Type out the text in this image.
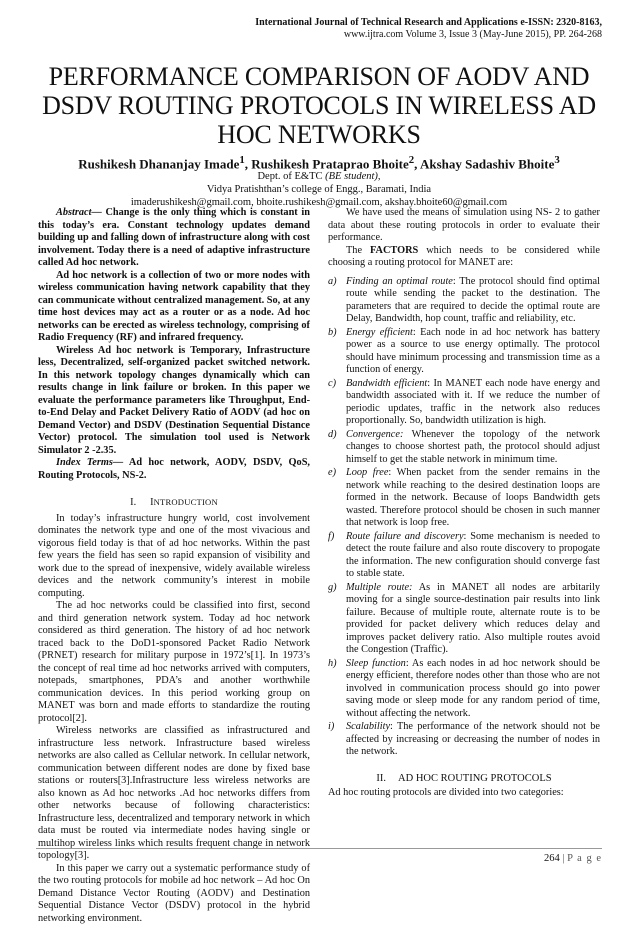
International Journal of Technical Research and Applications e-ISSN: 2320-8163,
www.ijtra.com Volume 3, Issue 3 (May-June 2015), PP. 264-268
PERFORMANCE COMPARISON OF AODV AND DSDV ROUTING PROTOCOLS IN WIRELESS AD HOC NETWORKS
Rushikesh Dhananjay Imade$^1$, Rushikesh Prataprao Bhoite$^2$, Akshay Sadashiv Bhoite$^3$
Dept. of E&TC (BE student),
Vidya Pratishthan’s college of Engg., Baramati, India
imaderushikesh@gmail.com, bhoite.rushikesh@gmail.com, akshay.bhoite60@gmail.com

Abstract— Change is the only thing which is constant in this today’s era. Constant technology updates demand building up and falling down of infrastructure along with cost involvement. Today there is a need of adaptive infrastructure called Ad hoc network.

Ad hoc network is a collection of two or more nodes with wireless communication having network capability that they can communicate without centralized management. So, at any time host devices may act as a router or as a node. Ad hoc networks can be erected as wireless technology, comprising of Radio Frequency (RF) and infrared frequency.

Wireless Ad hoc network is Temporary, Infrastructure less, Decentralized, self-organized packet switched network. In this network topology changes dynamically which can results change in link failure or broken. In this paper we evaluate the performance parameters like Throughput, End-to-End Delay and Packet Delivery Ratio of AODV (ad hoc on Demand Vector) and DSDV (Destination Sequential Distance Vector) protocol. The simulation tool used is Network Simulator 2 -2.35.

Index Terms— Ad hoc network, AODV, DSDV, QoS, Routing Protocols, NS-2.

I. INTRODUCTION

In today’s infrastructure hungry world, cost involvement dominates the network type and one of the most vivacious and vigorous field today is that of ad hoc networks. Within the past few years the field has seen so rapid expansion of visibility and work due to the spread of inexpensive, widely available wireless devices and the network community’s interest in mobile computing.

The ad hoc networks could be classified into first, second and third generation network system. Today ad hoc network considered as third generation. The history of ad hoc network traced back to the DoD1-sponsored Packet Radio Network (PRNET) research for military purpose in 1972’s[1]. In 1973’s the concept of real time ad hoc networks arrived with computers, notepads, smartphones, PDA’s and another worthwhile communication devices. In this period working group on MANET was born and made efforts to standardize the routing protocol[2].

Wireless networks are classified as infrastructured and infrastructure less network. Infrastructure based wireless networks are also called as Cellular network. In cellular network, communication between different nodes are done by fixed base stations or routers[3].Infrastructure less wireless networks are also known as Ad hoc networks .Ad hoc networks differs from other networks because of following characteristics: Infrastructure less, decentralized and temporary network in which data must be routed via intermediate nodes having single or multihop wireless links which results frequent change in network topology[3].

In this paper we carry out a systematic performance study of the two routing protocols for mobile ad hoc network – Ad hoc On Demand Distance Vector Routing (AODV) and Destination Sequential Distance Vector (DSDV) protocol in the hybrid networking environment.

We have used the means of simulation using NS- 2 to gather data about these routing protocols in order to evaluate their performance.

The FACTORS which needs to be considered while choosing a routing protocol for MANET are:

a) Finding an optimal route: The protocol should find optimal route while sending the packet to the destination. The parameters that are required to decide the optimal route are Delay, Bandwidth, hop count, traffic and reliability, etc.
b) Energy efficient: Each node in ad hoc network has battery power as a source to use energy optimally. The protocol should have minimum processing and transmission time as a function of energy.
c) Bandwidth efficient: In MANET each node have energy and bandwidth associated with it. If we reduce the number of periodic updates, traffic in the network also reduces proportionally. So, bandwidth utilization is high.
d) Convergence: Whenever the topology of the network changes to choose shortest path, the protocol should adjust himself to get the stable network in minimum time.
e) Loop free: When packet from the sender remains in the network while reaching to the desired destination loops are formed in the network. Because of loops Bandwidth gets wasted. Therefore protocol should be chosen in such manner that network is loop free.
f)	Route failure and discovery: Some mechanism is needed to detect the route failure and also route discovery to propogate the information. The new configuration should converge fast to stable state.
g) Multiple route: As in MANET all nodes are arbitarily moving for a single source-destination pair results into link failure. Because of multiple route, alternate route is to be provided for packet delivery which reduces delay and improves packet delivery ratio. Also multiple routes avoid the Congestion (Traffic).
h) Sleep function: As each nodes in ad hoc network should be energy efficient, therefore nodes other than those who are not involved in communication process should go into power saving mode or sleep mode for any random period of time, without affecting the network.
i)	Scalability: The performance of the network should not be affected by increasing or decreasing the number of nodes in the network.
II. AD HOC ROUTING PROTOCOLS

Ad hoc routing protocols are divided into two categories:

264 | P a g e
